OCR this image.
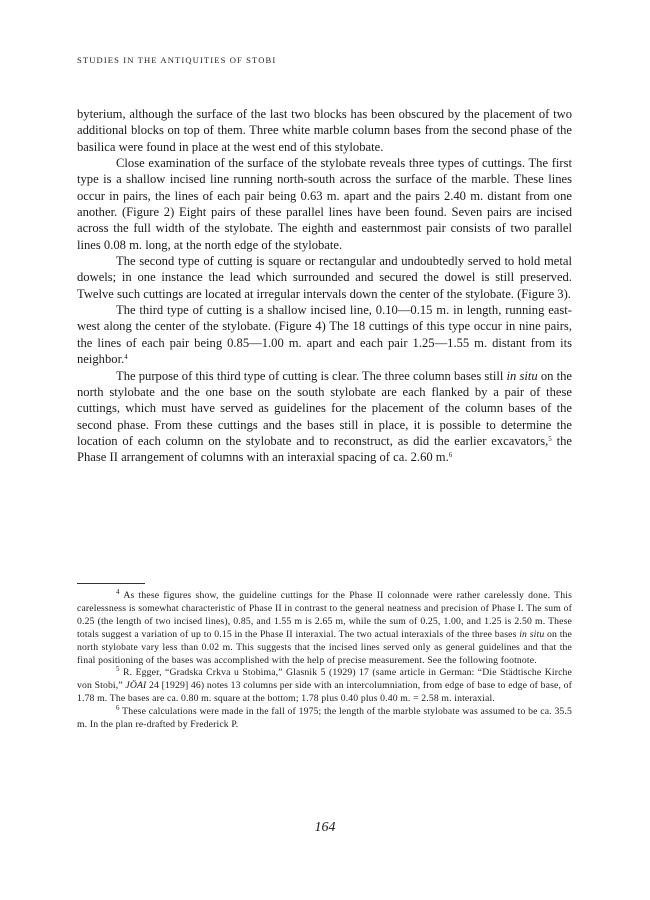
STUDIES IN THE ANTIQUITIES OF STOBI

byterium, although the surface of the last two blocks has been obscured by the placement of two additional blocks on top of them. Three white marble column bases from the second phase of the basilica were found in place at the west end of this stylobate.

Close examination of the surface of the stylobate reveals three types of cuttings. The first type is a shallow incised line running north-south across the surface of the marble. These lines occur in pairs, the lines of each pair being 0.63 m. apart and the pairs 2.40 m. distant from one another. (Figure 2) Eight pairs of these parallel lines have been found. Seven pairs are incised across the full width of the stylobate. The eighth and easternmost pair consists of two parallel lines 0.08 m. long, at the north edge of the stylobate.

The second type of cutting is square or rectangular and undoubtedly served to hold metal dowels; in one instance the lead which surrounded and secured the dowel is still preserved. Twelve such cuttings are located at irregular intervals down the center of the stylobate. (Figure 3).

The third type of cutting is a shallow incised line, 0.10—0.15 m. in length, running east-west along the center of the stylobate. (Figure 4) The 18 cuttings of this type occur in nine pairs, the lines of each pair being 0.85—1.00 m. apart and each pair 1.25—1.55 m. distant from its neighbor.$^4$

The purpose of this third type of cutting is clear. The three column bases still in situ on the north stylobate and the one base on the south stylobate are each flanked by a pair of these cuttings, which must have served as guidelines for the placement of the column bases of the second phase. From these cuttings and the bases still in place, it is possible to determine the location of each column on the stylobate and to reconstruct, as did the earlier excavators,$^5$ the Phase II arrangement of columns with an interaxial spacing of ca. 2.60 m.$^6$

$^4$ As these figures show, the guideline cuttings for the Phase II colonnade were rather carelessly done. This carelessness is somewhat characteristic of Phase II in contrast to the general neatness and precision of Phase I. The sum of 0.25 (the length of two incised lines), 0.85, and 1.55 m is 2.65 m, while the sum of 0.25, 1.00, and 1.25 is 2.50 m. These totals suggest a variation of up to 0.15 in the Phase II interaxial. The two actual interaxials of the three bases in situ on the north stylobate vary less than 0.02 m. This suggests that the incised lines served only as general guidelines and that the final positioning of the bases was accomplished with the help of precise measurement. See the following footnote.

$^5$ R. Egger, “Gradska Crkva u Stobima,” Glasnik 5 (1929) 17 (same article in German: “Die Städtische Kirche von Stobi,” JÖAI 24 [1929] 46) notes 13 columns per side with an intercolumniation, from edge of base to edge of base, of 1.78 m. The bases are ca. 0.80 m. square at the bottom; 1.78 plus 0.40 plus 0.40 m. = 2.58 m. interaxial.

$^6$ These calculations were made in the fall of 1975; the length of the marble stylobate was assumed to be ca. 35.5 m. In the plan re-drafted by Frederick P.

164
